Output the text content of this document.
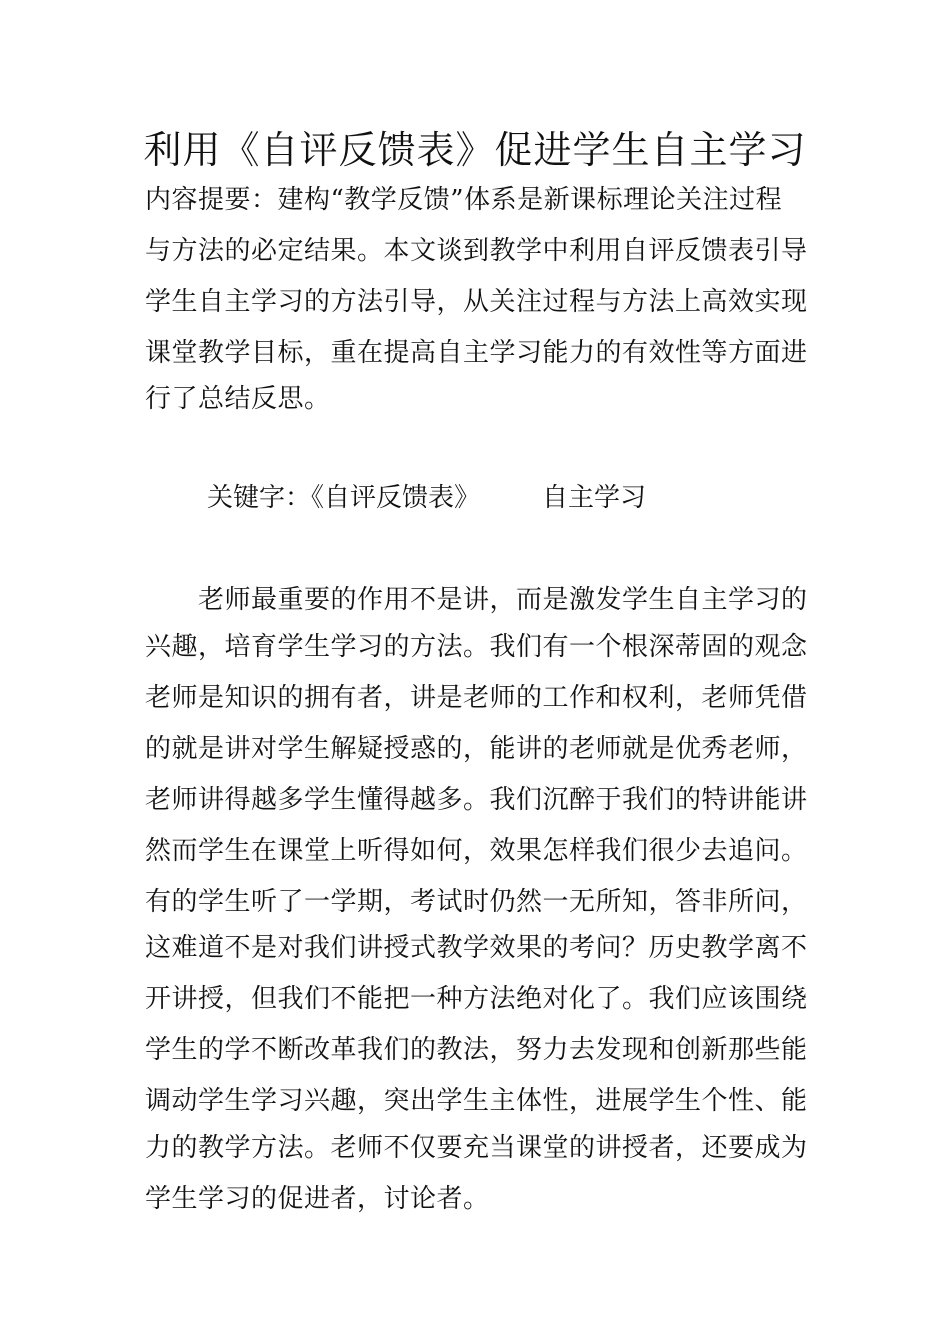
利用《自评反馈表》促进学生自主学习
内容提要：建构“教学反馈”体系是新课标理论关注过程
与方法的必定结果。本文谈到教学中利用自评反馈表引导
学生自主学习的方法引导，从关注过程与方法上高效实现
课堂教学目标，重在提高自主学习能力的有效性等方面进
行了总结反思。
关键字：《自评反馈表》 自主学习
　　老师最重要的作用不是讲，而是激发学生自主学习的
兴趣，培育学生学习的方法。我们有一个根深蒂固的观念
老师是知识的拥有者，讲是老师的工作和权利，老师凭借
的就是讲对学生解疑授惑的，能讲的老师就是优秀老师，
老师讲得越多学生懂得越多。我们沉醉于我们的特讲能讲
然而学生在课堂上听得如何，效果怎样我们很少去追问。
有的学生听了一学期，考试时仍然一无所知，答非所问，
这难道不是对我们讲授式教学效果的考问？历史教学离不
开讲授，但我们不能把一种方法绝对化了。我们应该围绕
学生的学不断改革我们的教法，努力去发现和创新那些能
调动学生学习兴趣，突出学生主体性，进展学生个性、能
力的教学方法。老师不仅要充当课堂的讲授者，还要成为
学生学习的促进者，讨论者。
